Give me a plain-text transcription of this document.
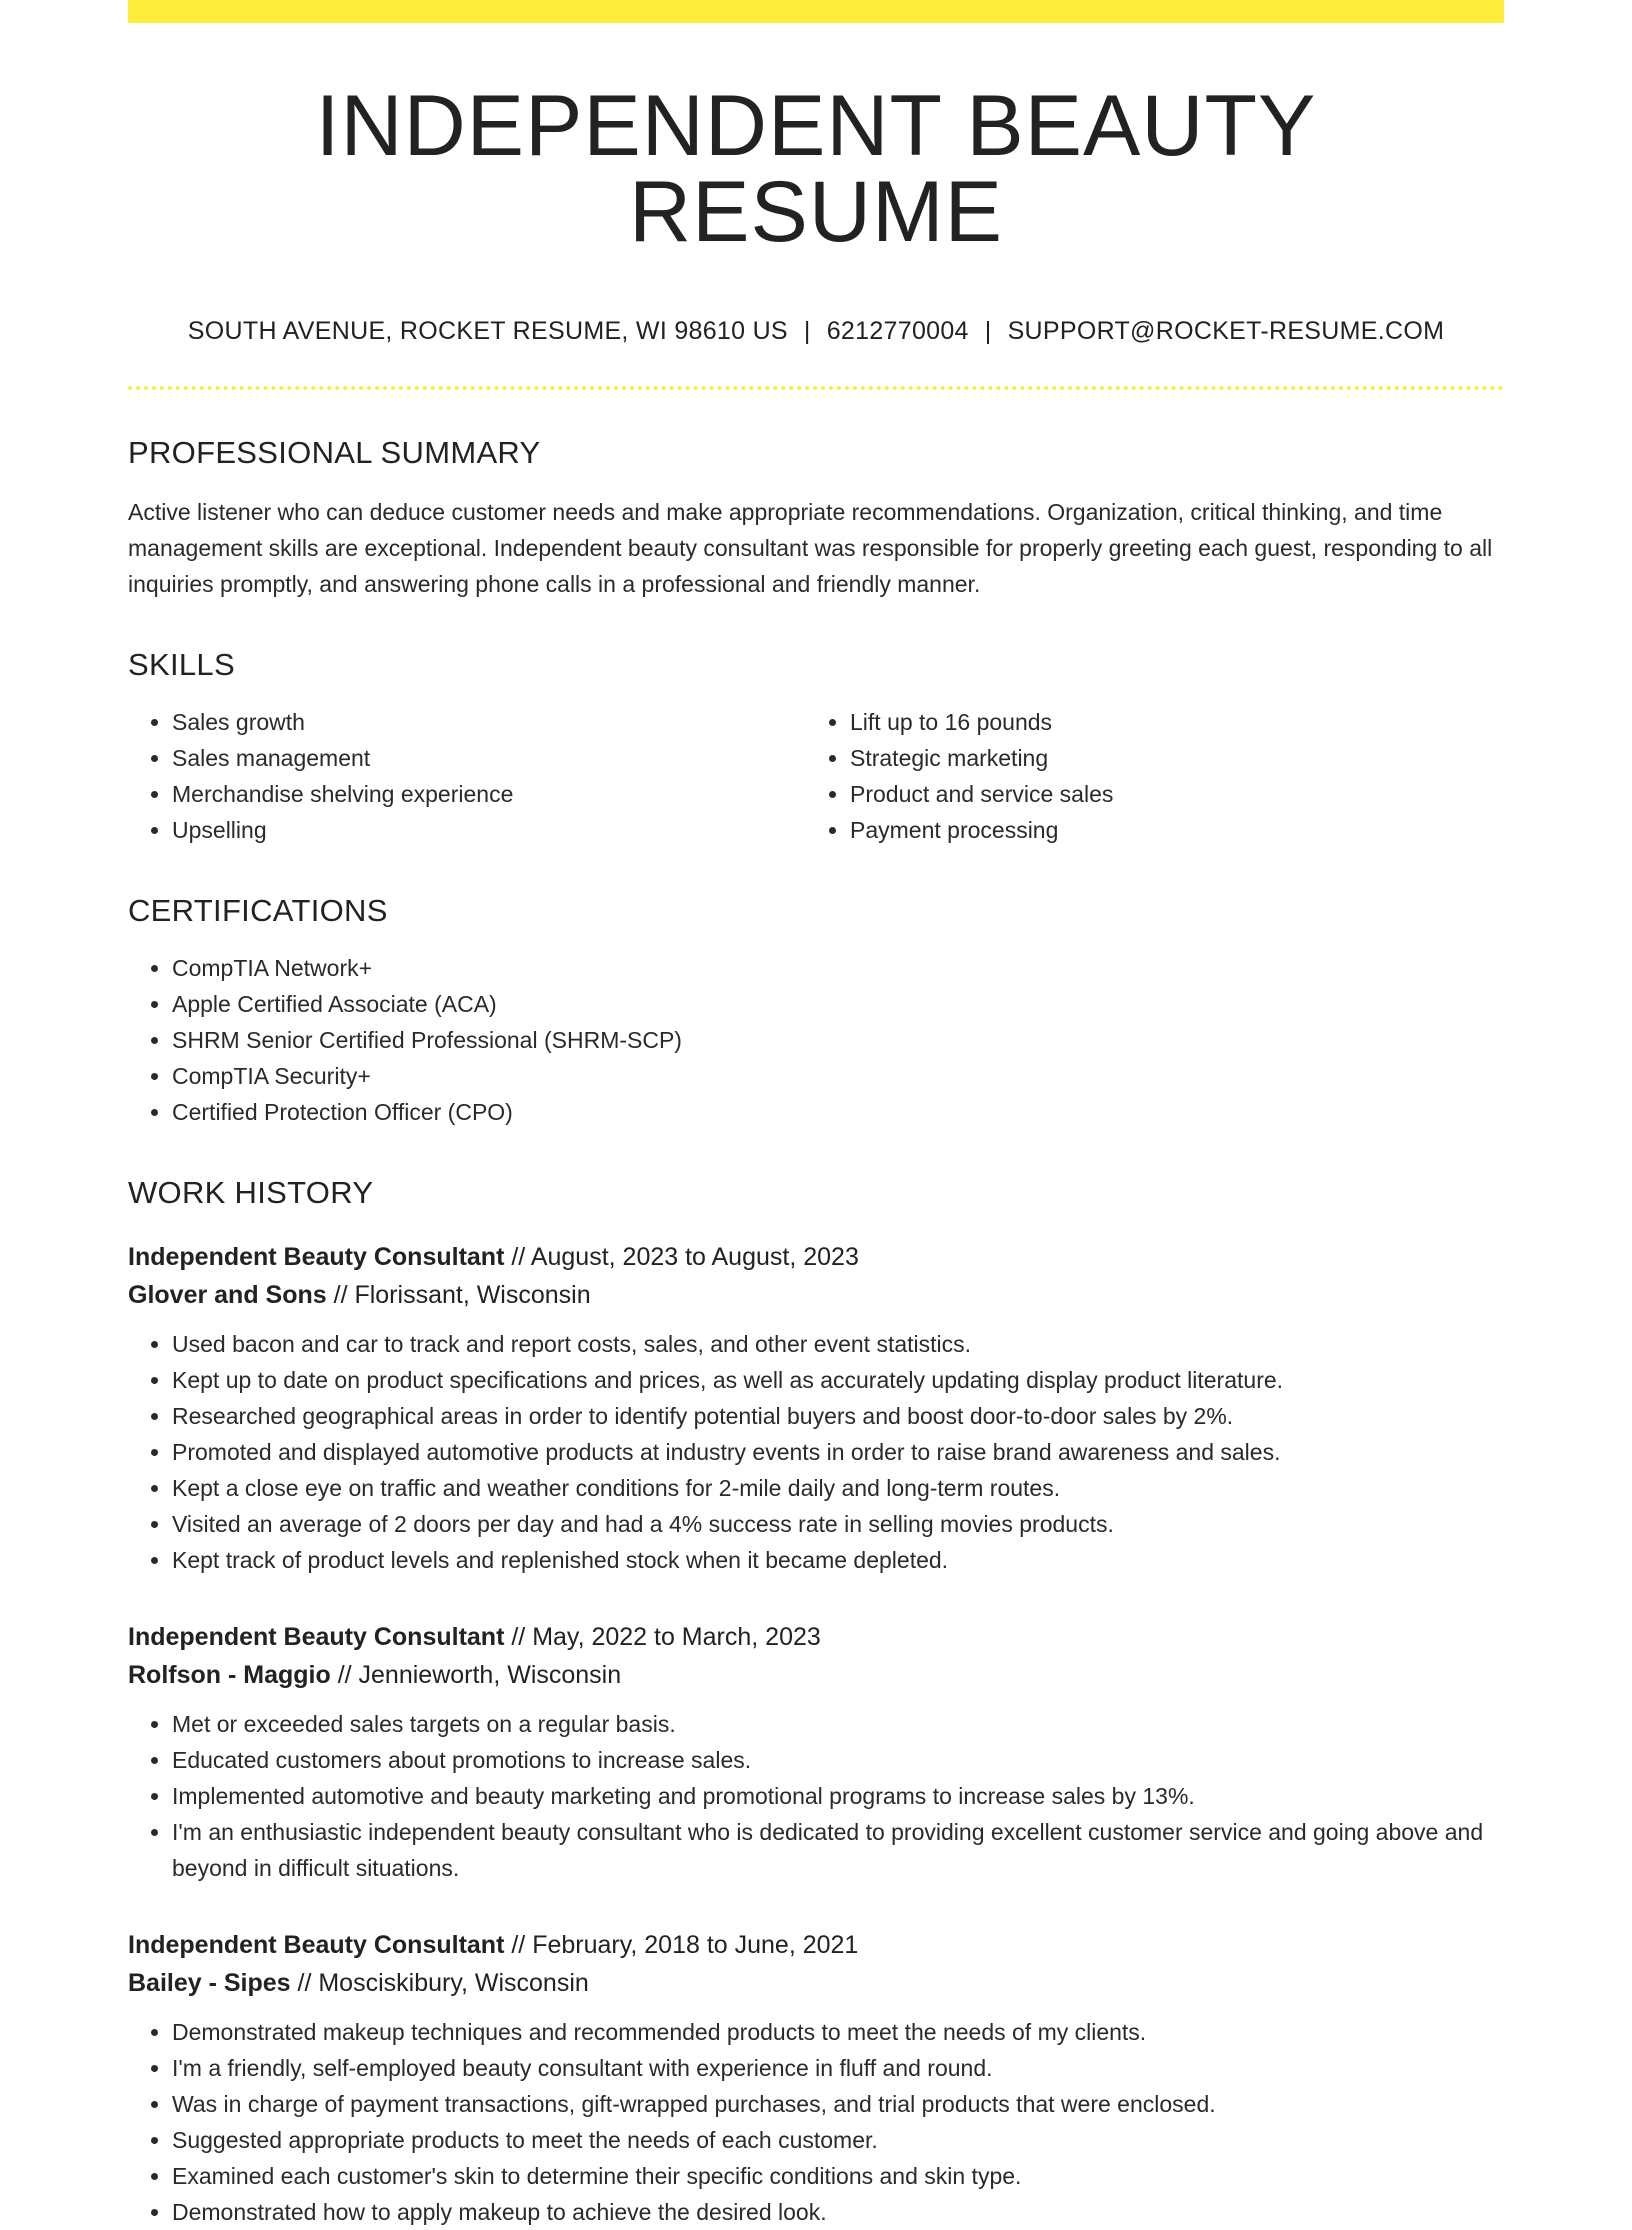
INDEPENDENT BEAUTY RESUME
SOUTH AVENUE, ROCKET RESUME, WI 98610 US | 6212770004 | SUPPORT@ROCKET-RESUME.COM
PROFESSIONAL SUMMARY

Active listener who can deduce customer needs and make appropriate recommendations. Organization, critical thinking, and time management skills are exceptional. Independent beauty consultant was responsible for properly greeting each guest, responding to all inquiries promptly, and answering phone calls in a professional and friendly manner.

SKILLS
• Sales growth
• Sales management
• Merchandise shelving experience
• Upselling
• Lift up to 16 pounds
• Strategic marketing
• Product and service sales
• Payment processing
CERTIFICATIONS
• CompTIA Network+
• Apple Certified Associate (ACA)
• SHRM Senior Certified Professional (SHRM-SCP)
• CompTIA Security+
• Certified Protection Officer (CPO)
WORK HISTORY
Independent Beauty Consultant // August, 2023 to August, 2023
Glover and Sons // Florissant, Wisconsin
• Used bacon and car to track and report costs, sales, and other event statistics.
• Kept up to date on product specifications and prices, as well as accurately updating display product literature.
• Researched geographical areas in order to identify potential buyers and boost door-to-door sales by 2%.
• Promoted and displayed automotive products at industry events in order to raise brand awareness and sales.
• Kept a close eye on traffic and weather conditions for 2-mile daily and long-term routes.
• Visited an average of 2 doors per day and had a 4% success rate in selling movies products.
• Kept track of product levels and replenished stock when it became depleted.
Independent Beauty Consultant // May, 2022 to March, 2023
Rolfson - Maggio // Jennieworth, Wisconsin
• Met or exceeded sales targets on a regular basis.
• Educated customers about promotions to increase sales.
• Implemented automotive and beauty marketing and promotional programs to increase sales by 13%.
• I'm an enthusiastic independent beauty consultant who is dedicated to providing excellent customer service and going above and beyond in difficult situations.
Independent Beauty Consultant // February, 2018 to June, 2021
Bailey - Sipes // Mosciskibury, Wisconsin
• Demonstrated makeup techniques and recommended products to meet the needs of my clients.
• I'm a friendly, self-employed beauty consultant with experience in fluff and round.
• Was in charge of payment transactions, gift-wrapped purchases, and trial products that were enclosed.
• Suggested appropriate products to meet the needs of each customer.
• Examined each customer's skin to determine their specific conditions and skin type.
• Demonstrated how to apply makeup to achieve the desired look.
